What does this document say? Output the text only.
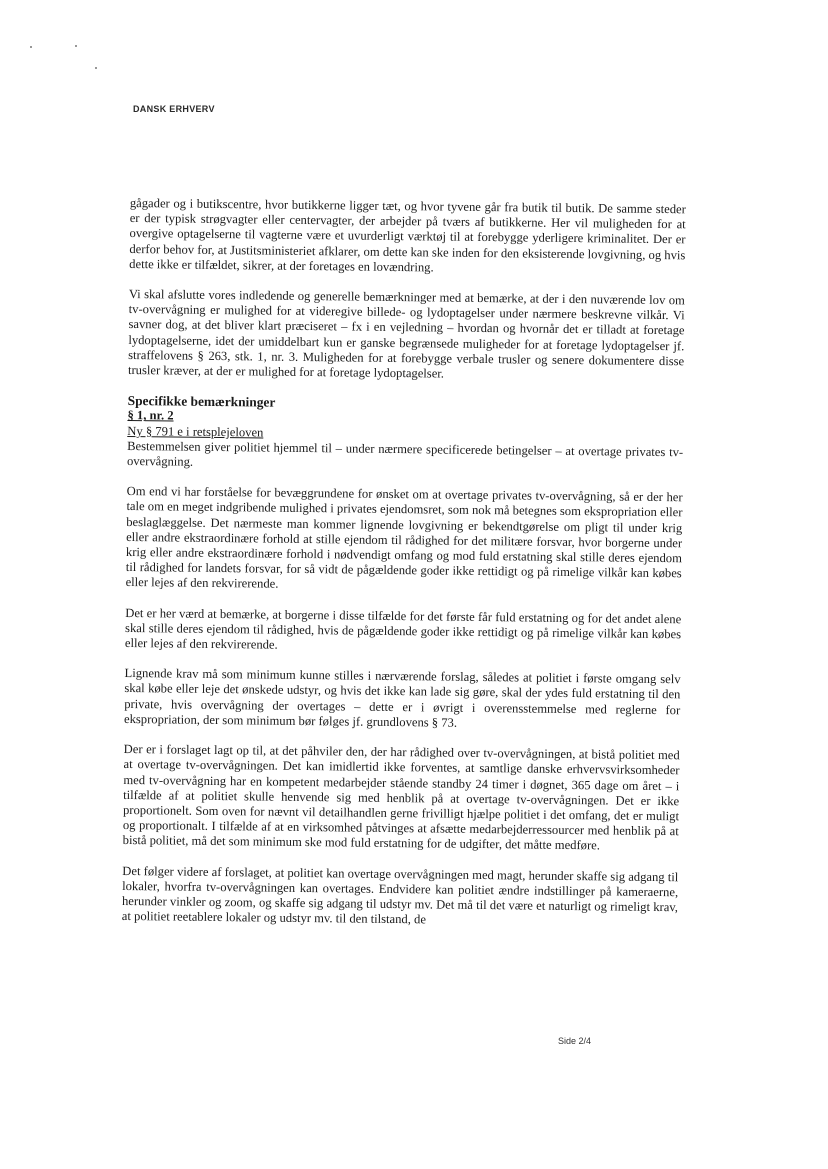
DANSK ERHVERV

gågader og i butikscentre, hvor butikkerne ligger tæt, og hvor tyvene går fra butik til butik. De samme steder er der typisk strøgvagter eller centervagter, der arbejder på tværs af butikkerne. Her vil muligheden for at overgive optagelserne til vagterne være et uvurderligt værktøj til at forebygge yderligere kriminalitet. Der er derfor behov for, at Justitsministeriet afklarer, om dette kan ske inden for den eksisterende lovgivning, og hvis dette ikke er tilfældet, sikrer, at der foretages en lovændring.

Vi skal afslutte vores indledende og generelle bemærkninger med at bemærke, at der i den nuværende lov om tv-overvågning er mulighed for at videregive billede- og lydoptagelser under nærmere beskrevne vilkår. Vi savner dog, at det bliver klart præciseret – fx i en vejledning – hvordan og hvornår det er tilladt at foretage lydoptagelserne, idet der umiddelbart kun er ganske begrænsede muligheder for at foretage lydoptagelser jf. straffelovens § 263, stk. 1, nr. 3. Muligheden for at forebygge verbale trusler og senere dokumentere disse trusler kræver, at der er mulighed for at foretage lydoptagelser.

Specifikke bemærkninger

§ 1, nr. 2

Ny § 791 e i retsplejeloven

Bestemmelsen giver politiet hjemmel til – under nærmere specificerede betingelser – at overtage privates tv-overvågning.

Om end vi har forståelse for bevæggrundene for ønsket om at overtage privates tv-overvågning, så er der her tale om en meget indgribende mulighed i privates ejendomsret, som nok må betegnes som ekspropriation eller beslaglæggelse. Det nærmeste man kommer lignende lovgivning er bekendtgørelse om pligt til under krig eller andre ekstraordinære forhold at stille ejendom til rådighed for det militære forsvar, hvor borgerne under krig eller andre ekstraordinære forhold i nødvendigt omfang og mod fuld erstatning skal stille deres ejendom til rådighed for landets forsvar, for så vidt de pågældende goder ikke rettidigt og på rimelige vilkår kan købes eller lejes af den rekvirerende.

Det er her værd at bemærke, at borgerne i disse tilfælde for det første får fuld erstatning og for det andet alene skal stille deres ejendom til rådighed, hvis de pågældende goder ikke rettidigt og på rimelige vilkår kan købes eller lejes af den rekvirerende.

Lignende krav må som minimum kunne stilles i nærværende forslag, således at politiet i første omgang selv skal købe eller leje det ønskede udstyr, og hvis det ikke kan lade sig gøre, skal der ydes fuld erstatning til den private, hvis overvågning der overtages – dette er i øvrigt i overensstemmelse med reglerne for ekspropriation, der som minimum bør følges jf. grundlovens § 73.

Der er i forslaget lagt op til, at det påhviler den, der har rådighed over tv-overvågningen, at bistå politiet med at overtage tv-overvågningen. Det kan imidlertid ikke forventes, at samtlige danske erhvervsvirksomheder med tv-overvågning har en kompetent medarbejder stående standby 24 timer i døgnet, 365 dage om året – i tilfælde af at politiet skulle henvende sig med henblik på at overtage tv-overvågningen. Det er ikke proportionelt. Som oven for nævnt vil detailhandlen gerne frivilligt hjælpe politiet i det omfang, det er muligt og proportionalt. I tilfælde af at en virksomhed påtvinges at afsætte medarbejderressourcer med henblik på at bistå politiet, må det som minimum ske mod fuld erstatning for de udgifter, det måtte medføre.

Det følger videre af forslaget, at politiet kan overtage overvågningen med magt, herunder skaffe sig adgang til lokaler, hvorfra tv-overvågningen kan overtages. Endvidere kan politiet ændre indstillinger på kameraerne, herunder vinkler og zoom, og skaffe sig adgang til udstyr mv. Det må til det være et naturligt og rimeligt krav, at politiet reetablere lokaler og udstyr mv. til den tilstand, de

Side 2/4
